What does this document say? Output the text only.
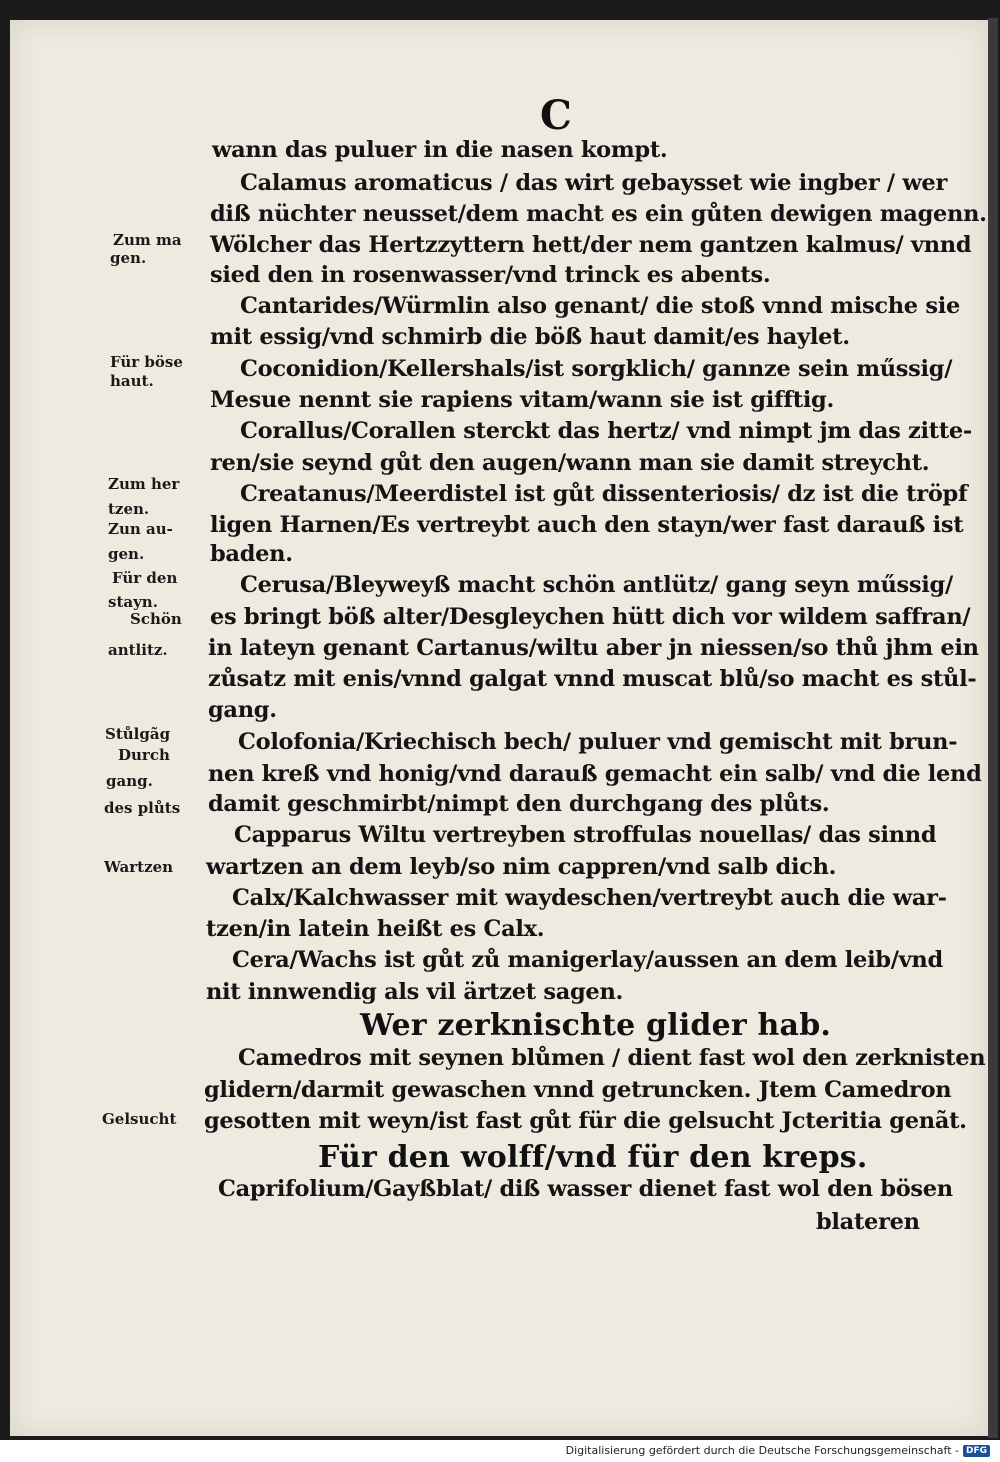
C
wann das puluer in die nasen kompt.
Calamus aromaticus / das wirt gebaysset wie ingber / wer
diß nüchter neusset/dem macht es ein gůten dewigen magenn.
Wölcher das Hertzzyttern hett/der nem gantzen kalmus/ vnnd
sied den in rosenwasser/vnd trinck es abents.
Cantarides/Würmlin also genant/ die stoß vnnd mische sie
mit essig/vnd schmirb die böß haut damit/es haylet.
Coconidion/Kellershals/ist sorgklich/ gannze sein műssig/
Mesue nennt sie rapiens vitam/wann sie ist gifftig.
Corallus/Corallen sterckt das hertz/ vnd nimpt jm das zitte-
ren/sie seynd gůt den augen/wann man sie damit streycht.
Creatanus/Meerdistel ist gůt dissenteriosis/ dz ist die tröpf
ligen Harnen/Es vertreybt auch den stayn/wer fast darauß ist
baden.
Cerusa/Bleyweyß macht schön antlütz/ gang seyn műssig/
es bringt böß alter/Desgleychen hütt dich vor wildem saffran/
in lateyn genant Cartanus/wiltu aber jn niessen/so thů jhm ein
zůsatz mit enis/vnnd galgat vnnd muscat blů/so macht es stůl-
gang.
Colofonia/Kriechisch bech/ puluer vnd gemischt mit brun-
nen kreß vnd honig/vnd darauß gemacht ein salb/ vnd die lend
damit geschmirbt/nimpt den durchgang des plůts.
Capparus Wiltu vertreyben stroffulas nouellas/ das sinnd
wartzen an dem leyb/so nim cappren/vnd salb dich.
Calx/Kalchwasser mit waydeschen/vertreybt auch die war-
tzen/in latein heißt es Calx.
Cera/Wachs ist gůt zů manigerlay/aussen an dem leib/vnd
nit innwendig als vil ärtzet sagen.
Wer zerknischte glider hab.
Camedros mit seynen blůmen / dient fast wol den zerknisten
glidern/darmit gewaschen vnnd getruncken. Jtem Camedron
gesotten mit weyn/ist fast gůt für die gelsucht Jcteritia genãt.
Für den wolff/vnd für den kreps.
Caprifolium/Gayßblat/ diß wasser dienet fast wol den bösen
blateren
Zum ma
gen.
Für böse
haut.
Zum her
tzen.
Zun au-
gen.
Für den
stayn.
Schön
antlitz.
Stůlgãg
Durch
gang.
des plůts
Wartzen
Gelsucht
Digitalisierung gefördert durch die Deutsche Forschungsgemeinschaft - DFG
